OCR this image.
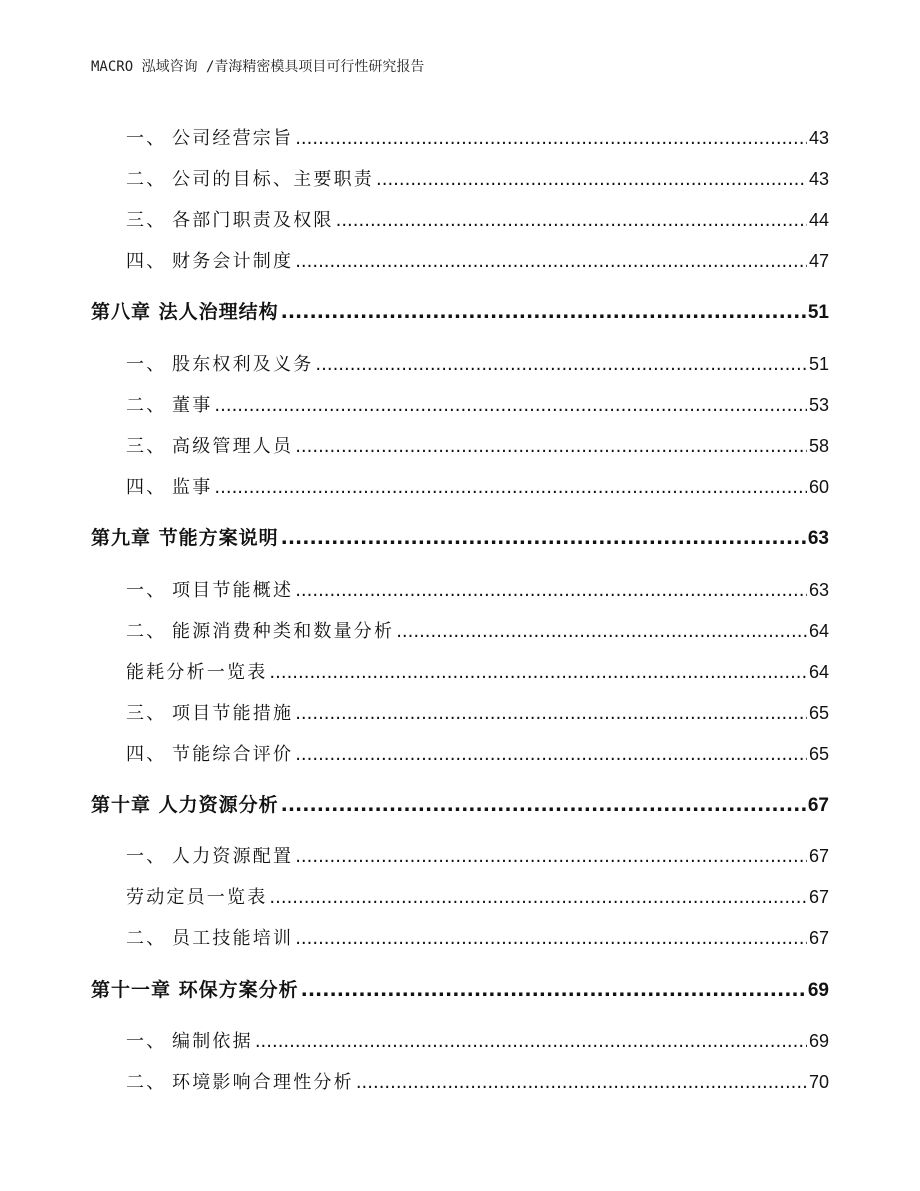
MACRO 泓域咨询 /青海精密模具项目可行性研究报告
一、 公司经营宗旨 .....	43
二、 公司的目标、主要职责 .....	43
三、 各部门职责及权限 .....	44
四、 财务会计制度 .....	47
第八章 法人治理结构 .....	51
一、 股东权利及义务 .....	51
二、 董事 .....	53
三、 高级管理人员 .....	58
四、 监事 .....	60
第九章 节能方案说明 .....	63
一、 项目节能概述 .....	63
二、 能源消费种类和数量分析 .....	64
能耗分析一览表 .....	64
三、 项目节能措施 .....	65
四、 节能综合评价 .....	65
第十章 人力资源分析 .....	67
一、 人力资源配置 .....	67
劳动定员一览表 .....	67
二、 员工技能培训 .....	67
第十一章 环保方案分析 .....	69
一、 编制依据 .....	69
二、 环境影响合理性分析 .....	70
